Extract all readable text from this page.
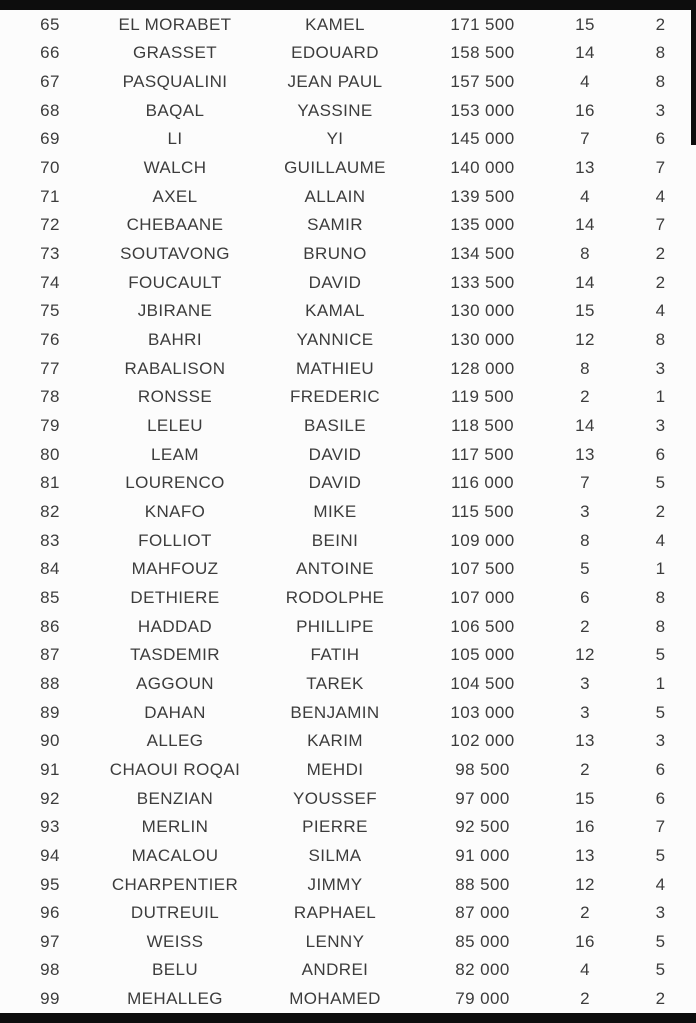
65	EL MORABET	KAMEL	171 500	15	2
66	GRASSET	EDOUARD	158 500	14	8
67	PASQUALINI	JEAN PAUL	157 500	4	8
68	BAQAL	YASSINE	153 000	16	3
69	LI	YI	145 000	7	6
70	WALCH	GUILLAUME	140 000	13	7
71	AXEL	ALLAIN	139 500	4	4
72	CHEBAANE	SAMIR	135 000	14	7
73	SOUTAVONG	BRUNO	134 500	8	2
74	FOUCAULT	DAVID	133 500	14	2
75	JBIRANE	KAMAL	130 000	15	4
76	BAHRI	YANNICE	130 000	12	8
77	RABALISON	MATHIEU	128 000	8	3
78	RONSSE	FREDERIC	119 500	2	1
79	LELEU	BASILE	118 500	14	3
80	LEAM	DAVID	117 500	13	6
81	LOURENCO	DAVID	116 000	7	5
82	KNAFO	MIKE	115 500	3	2
83	FOLLIOT	BEINI	109 000	8	4
84	MAHFOUZ	ANTOINE	107 500	5	1
85	DETHIERE	RODOLPHE	107 000	6	8
86	HADDAD	PHILLIPE	106 500	2	8
87	TASDEMIR	FATIH	105 000	12	5
88	AGGOUN	TAREK	104 500	3	1
89	DAHAN	BENJAMIN	103 000	3	5
90	ALLEG	KARIM	102 000	13	3
91	CHAOUI ROQAI	MEHDI	98 500	2	6
92	BENZIAN	YOUSSEF	97 000	15	6
93	MERLIN	PIERRE	92 500	16	7
94	MACALOU	SILMA	91 000	13	5
95	CHARPENTIER	JIMMY	88 500	12	4
96	DUTREUIL	RAPHAEL	87 000	2	3
97	WEISS	LENNY	85 000	16	5
98	BELU	ANDREI	82 000	4	5
99	MEHALLEG	MOHAMED	79 000	2	2
